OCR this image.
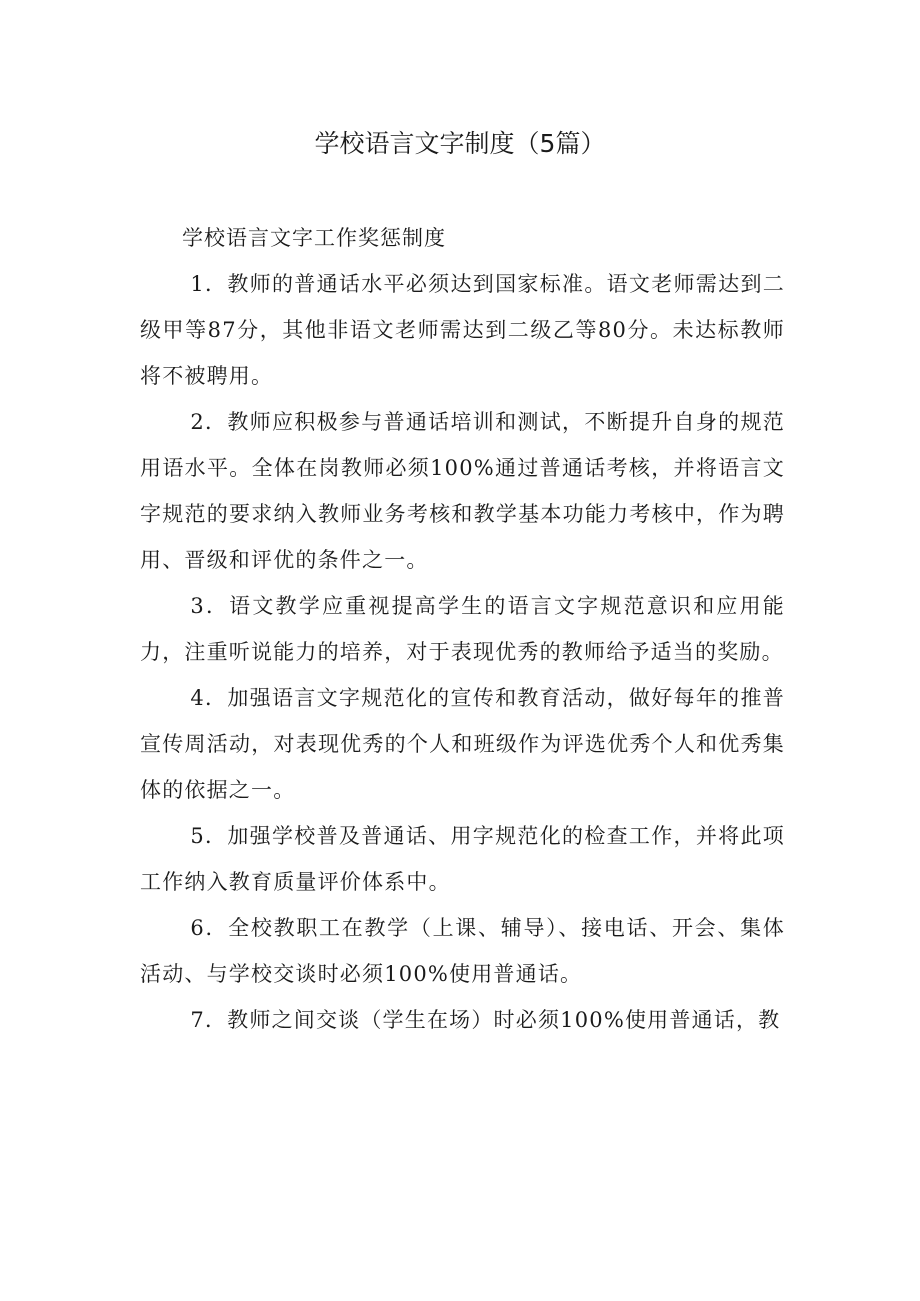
学校语言文字制度（5篇）

学校语言文字工作奖惩制度

1．教师的普通话水平必须达到国家标准。语文老师需达到二级甲等87分，其他非语文老师需达到二级乙等80分。未达标教师将不被聘用。

2．教师应积极参与普通话培训和测试，不断提升自身的规范用语水平。全体在岗教师必须100%通过普通话考核，并将语言文字规范的要求纳入教师业务考核和教学基本功能力考核中，作为聘用、晋级和评优的条件之一。

3．语文教学应重视提高学生的语言文字规范意识和应用能力，注重听说能力的培养，对于表现优秀的教师给予适当的奖励。

4．加强语言文字规范化的宣传和教育活动，做好每年的推普宣传周活动，对表现优秀的个人和班级作为评选优秀个人和优秀集体的依据之一。

5．加强学校普及普通话、用字规范化的检查工作，并将此项工作纳入教育质量评价体系中。

6．全校教职工在教学（上课、辅导）、接电话、开会、集体活动、与学校交谈时必须100%使用普通话。

7．教师之间交谈（学生在场）时必须100%使用普通话，教
